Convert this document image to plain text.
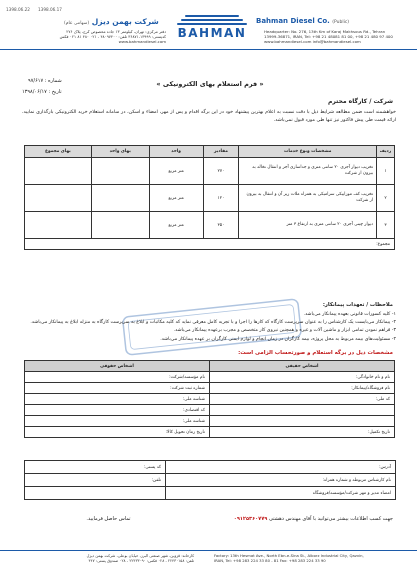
1398.06.22 1398.06.17
شرکت بهمن دیزل (سهامی عام)
BAHMAN
Bahman Diesel Co. (Public)
دفتر مرکزی: تهران، کیلومتر ۱۳ جاده مخصوص کرج، پلاک ۲۷۶
کدپستی: ۱۳۹۹۹-۳۶۸۷۱ تلفن: ۴۸۰۹۷۴۰۰ - ۰۲۱ ۴۸۰ ۸۱ ۰۲۱ فکس
www.bahmandiesel.com
Headquarter: No. 276, 13th Km of Karaj Makhsous Rd., Tehran
13999-36871, IRAN, Tel: +98 21 48081 81 00, +98 21 480 97 400
www.bahmandiesel.com info@bahmandiesel.com
شماره : ۹۷/۶۱۷
تاریخ : ۱۳۹۸/۰۶/۱۷
« فرم استعلام بهای الکترونیکی »
شرکت / کارگاه محترم

خواهشمند است ضمن مطالعه شرایط ذیل با دقت نسبت به اعلام بهترین پیشنهاد خود در این برگه اقدام و پس از مهر، امضاء و اسکن، در سامانه استعلام خرید الکترونیکی بارگذاری نمایید. ارائه قیمت طی پیش فاکتور نیز تنها طی مورد قبول نمی‌باشد.

ردیف	مشخصات ونوع خدمات	مقادیر	واحد	بهای واحد	بهای مجموع
۱	تخریب دیوار آجری ۲۰ سانتی متری و جداسازی آجر و انتقال نخاله به بیرون از شرکت	۲۷۰	متر مربع		
۲	تخریب کف موزاییکی سرامیکی به همراه ملات زیر آن و انتقال به بیرون از شرکت	۱۲۰	متر مربع		
۳	دیوار چینی آجری ۲۰ سانتی متری به ارتفاع ۳ متر	۳۵۰	متر مربع		
مجموع:					
ملاحظات / تعهدات پیمانکار:
۱- کلیه کسورات قانونی بعهده پیمانکار می‌باشد.
۲- پیمانکار می‌بایست یک کارشناس را به عنوان سرپرست کارگاه که کار‌ها را اجرا و با تجربه کامل معرفی نماید که کلیه مکاتبات و ابلاغ به سرپرست کارگاه به منزله ابلاغ به پیمانکار می‌باشد.
۳- فراهم نمودن تمامی ابزار و ماشین آلات و غیره و همچنین نیروی کار متخصص و مجرب برعهده پیمانکار می‌باشد.
۴- مسئولیت‌های بیمه مربوط به محل پروژه، بیمه کارگران در زمان انجام و لوازم ایمنی کارگران بر عهده پیمانکار می‌باشد.
مشخصات ذیل در برگه استعلام و صورتحساب الزامی است:
اشخاص حقیقی	اشخاص حقوقی
نام و نام خانوادگی:	نام مؤسسه/شرکت:
نام فروشگاه/پیمانکار:	شماره ثبت شرکت:
کد ملی:	شناسه ملی:
	کد اقتصادی:
	شناسه ملی:
تاریخ تکمیل:	تاریخ زمان تحویل کالا:
آدرس:	کد پستی:
نام کارشناس مربوطه و شماره همراه:	تلفن:
امضاء مدیر و مهر شرکت/مؤسسه/فروشگاه	
جهت کسب اطلاعات بیشتر می‌توانید با آقای مهندس دهشتی ۰۹۱۲۵۳۶۰۷۷۹  تماس حاصل فرمایید.
کارخانه: قزوین، شهر صنعتی البرز، خیابان بوعلی، شرکت بهمن دیزل
تلفن: ۲۲۴۳۰۱۵۸ - ۰۲۸ فکس: ۲۲۴۳۳۰۹۰ - ۰۲۸ صندوق پستی: ۴۴۷
Factory: 13th Hesmat Ave., North Ebn-e-Sina St., Alborz Industrial City, Qazvin,
IRAN, Tel: +98 283 224 33 80 - 81 Fax: +98 283 224 33 90
